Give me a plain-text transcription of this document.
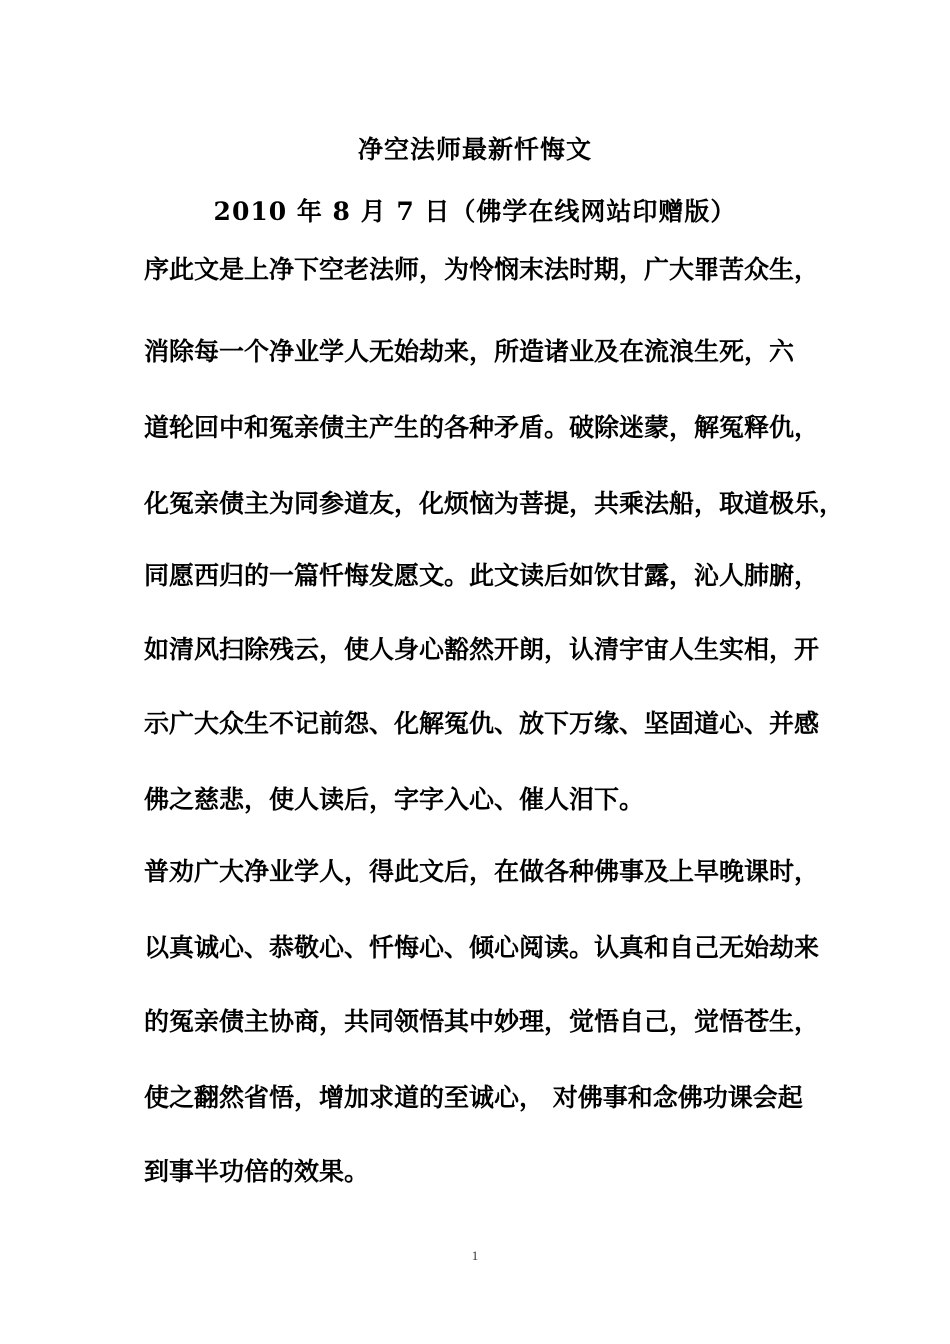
净空法师最新忏悔文
2010 年 8 月 7 日（佛学在线网站印赠版）
序此文是上净下空老法师，为怜悯末法时期，广大罪苦众生，
消除每一个净业学人无始劫来，所造诸业及在流浪生死，六
道轮回中和冤亲债主产生的各种矛盾。破除迷蒙，解冤释仇，
化冤亲债主为同参道友，化烦恼为菩提，共乘法船，取道极乐，
同愿西归的一篇忏悔发愿文。此文读后如饮甘露，沁人肺腑，
如清风扫除残云，使人身心豁然开朗，认清宇宙人生实相，开
示广大众生不记前怨、化解冤仇、放下万缘、坚固道心、并感
佛之慈悲，使人读后，字字入心、催人泪下。
普劝广大净业学人，得此文后，在做各种佛事及上早晚课时，
以真诚心、恭敬心、忏悔心、倾心阅读。认真和自己无始劫来
的冤亲债主协商，共同领悟其中妙理，觉悟自己，觉悟苍生，
使之翻然省悟，增加求道的至诚心， 对佛事和念佛功课会起
到事半功倍的效果。
1
